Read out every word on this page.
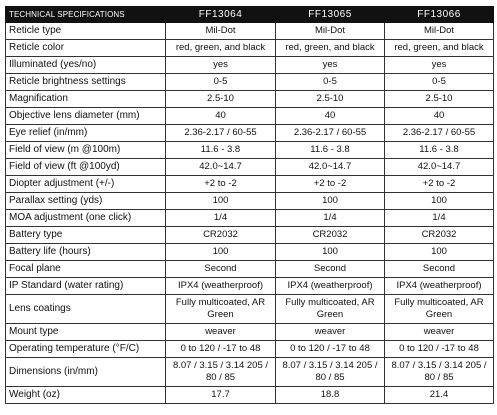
TECHNICAL SPECIFICATIONS	FF13064	FF13065	FF13066
Reticle type	Mil-Dot	Mil-Dot	Mil-Dot
Reticle color	red, green, and black	red, green, and black	red, green, and black
Illuminated (yes/no)	yes	yes	yes
Reticle brightness settings	0-5	0-5	0-5
Magnification	2.5-10	2.5-10	2.5-10
Objective lens diameter (mm)	40	40	40
Eye relief (in/mm)	2.36-2.17 / 60-55	2.36-2.17 / 60-55	2.36-2.17 / 60-55
Field of view (m @100m)	11.6 - 3.8	11.6 - 3.8	11.6 - 3.8
Field of view (ft @100yd)	42.0~14.7	42.0~14.7	42.0~14.7
Diopter adjustment (+/-)	+2 to -2	+2 to -2	+2 to -2
Parallax setting (yds)	100	100	100
MOA adjustment (one click)	1/4	1/4	1/4
Battery type	CR2032	CR2032	CR2032
Battery life (hours)	100	100	100
Focal plane	Second	Second	Second
IP Standard (water rating)	IPX4 (weatherproof)	IPX4 (weatherproof)	IPX4 (weatherproof)
Lens coatings	Fully multicoated, AR Green	Fully multicoated, AR Green	Fully multicoated, AR Green
Mount type	weaver	weaver	weaver
Operating temperature (°F/C)	0 to 120 / -17 to 48	0 to 120 / -17 to 48	0 to 120 / -17 to 48
Dimensions (in/mm)	8.07 / 3.15 / 3.14 205 / 80 / 85	8.07 / 3.15 / 3.14 205 / 80 / 85	8.07 / 3.15 / 3.14 205 / 80 / 85
Weight (oz)	17.7	18.8	21.4
